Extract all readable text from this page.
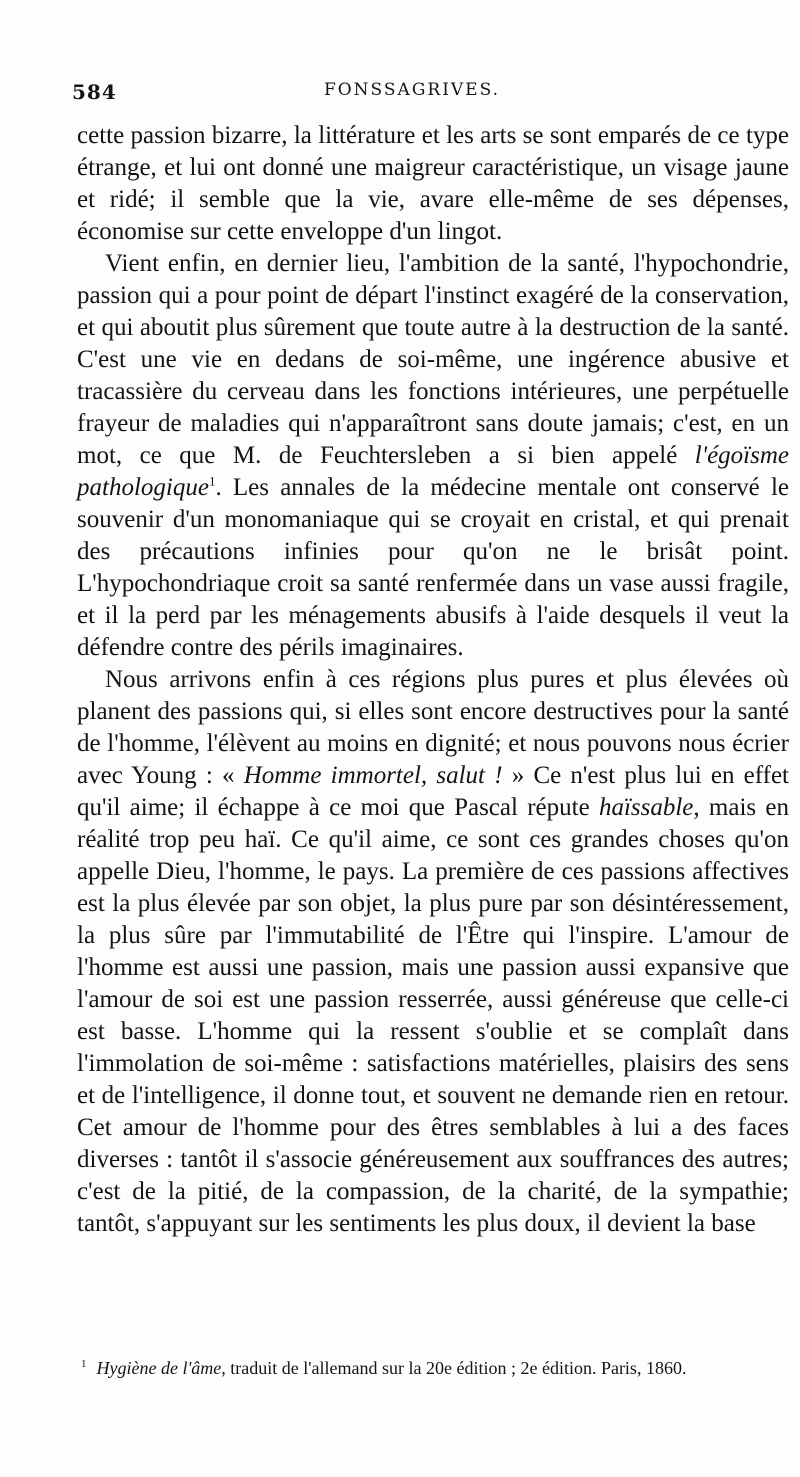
584	FONSSAGRIVES.

cette passion bizarre, la littérature et les arts se sont emparés de ce type étrange, et lui ont donné une maigreur caractéristique, un visage jaune et ridé; il semble que la vie, avare elle-même de ses dépenses, économise sur cette enveloppe d'un lingot.

Vient enfin, en dernier lieu, l'ambition de la santé, l'hypochondrie, passion qui a pour point de départ l'instinct exagéré de la conservation, et qui aboutit plus sûrement que toute autre à la destruction de la santé. C'est une vie en dedans de soi-même, une ingérence abusive et tracassière du cerveau dans les fonctions intérieures, une perpétuelle frayeur de maladies qui n'apparaîtront sans doute jamais; c'est, en un mot, ce que M. de Feuchtersleben a si bien appelé l'égoïsme pathologique$^1$. Les annales de la médecine mentale ont conservé le souvenir d'un monomaniaque qui se croyait en cristal, et qui prenait des précautions infinies pour qu'on ne le brisât point. L'hypochondriaque croit sa santé renfermée dans un vase aussi fragile, et il la perd par les ménagements abusifs à l'aide desquels il veut la défendre contre des périls imaginaires.

Nous arrivons enfin à ces régions plus pures et plus élevées où planent des passions qui, si elles sont encore destructives pour la santé de l'homme, l'élèvent au moins en dignité; et nous pouvons nous écrier avec Young : « Homme immortel, salut ! » Ce n'est plus lui en effet qu'il aime; il échappe à ce moi que Pascal répute haïssable, mais en réalité trop peu haï. Ce qu'il aime, ce sont ces grandes choses qu'on appelle Dieu, l'homme, le pays. La première de ces passions affectives est la plus élevée par son objet, la plus pure par son désintéressement, la plus sûre par l'immutabilité de l'Être qui l'inspire. L'amour de l'homme est aussi une passion, mais une passion aussi expansive que l'amour de soi est une passion resserrée, aussi généreuse que celle-ci est basse. L'homme qui la ressent s'oublie et se complaît dans l'immolation de soi-même : satisfactions matérielles, plaisirs des sens et de l'intelligence, il donne tout, et souvent ne demande rien en retour. Cet amour de l'homme pour des êtres semblables à lui a des faces diverses : tantôt il s'associe généreusement aux souffrances des autres; c'est de la pitié, de la compassion, de la charité, de la sympathie; tantôt, s'appuyant sur les sentiments les plus doux, il devient la base

$^1$ Hygiène de l'âme, traduit de l'allemand sur la 20e édition ; 2e édition. Paris, 1860.
